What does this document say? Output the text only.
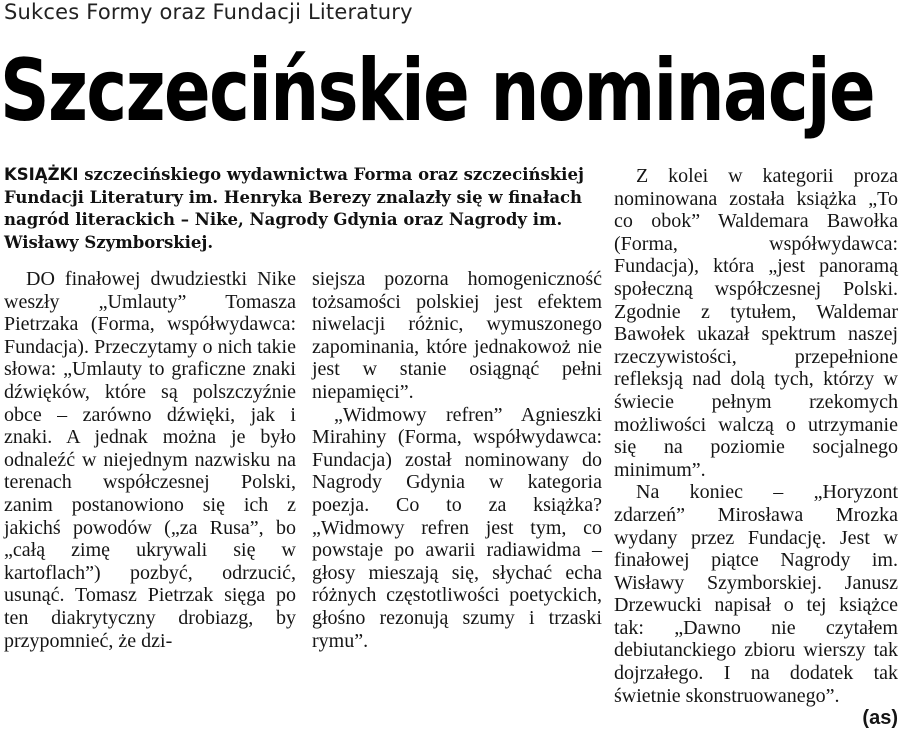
Sukces Formy oraz Fundacji Literatury
Szczecińskie nominacje
KSIĄŻKI szczecińskiego wydawnictwa Forma oraz szczecińskiej Fundacji Literatury im. Henryka Berezy znalazły się w finałach nagród literackich – Nike, Nagrody Gdynia oraz Nagrody im. Wisławy Szymborskiej.

DO finałowej dwudziestki Nike weszły „Umlauty” Tomasza Pietrzaka (Forma, współwydawca: Fundacja). Przeczytamy o nich takie słowa: „Umlauty to graficzne znaki dźwięków, które są polszczyźnie obce – zarówno dźwięki, jak i znaki. A jednak można je było odnaleźć w niejednym nazwisku na terenach współczesnej Polski, zanim postanowiono się ich z jakichś powodów („za Rusa”, bo „całą zimę ukrywali się w kartoflach”) pozbyć, odrzucić, usunąć. Tomasz Pietrzak sięga po ten diakrytyczny drobiazg, by przypomnieć, że dzi-

siejsza pozorna homogeniczność tożsamości polskiej jest efektem niwelacji różnic, wymuszonego zapominania, które jednakowoż nie jest w stanie osiągnąć pełni niepamięci”.

„Widmowy refren” Agnieszki Mirahiny (Forma, współwydawca: Fundacja) został nominowany do Nagrody Gdynia w kategoria poezja. Co to za książka? „Widmowy refren jest tym, co powstaje po awarii radiawidma – głosy mieszają się, słychać echa różnych częstotliwości poetyckich, głośno rezonują szumy i trzaski rymu”.

Z kolei w kategorii proza nominowana została książka „To co obok” Waldemara Bawołka (Forma, współwydawca: Fundacja), która „jest panoramą społeczną współczesnej Polski. Zgodnie z tytułem, Waldemar Bawołek ukazał spektrum naszej rzeczywistości, przepełnione refleksją nad dolą tych, którzy w świecie pełnym rzekomych możliwości walczą o utrzymanie się na poziomie socjalnego minimum”.

Na koniec – „Horyzont zdarzeń” Mirosława Mrozka wydany przez Fundację. Jest w finałowej piątce Nagrody im. Wisławy Szymborskiej. Janusz Drzewucki napisał o tej książce tak: „Dawno nie czytałem debiutanckiego zbioru wierszy tak dojrzałego. I na dodatek tak świetnie skonstruowanego”.
(as)
